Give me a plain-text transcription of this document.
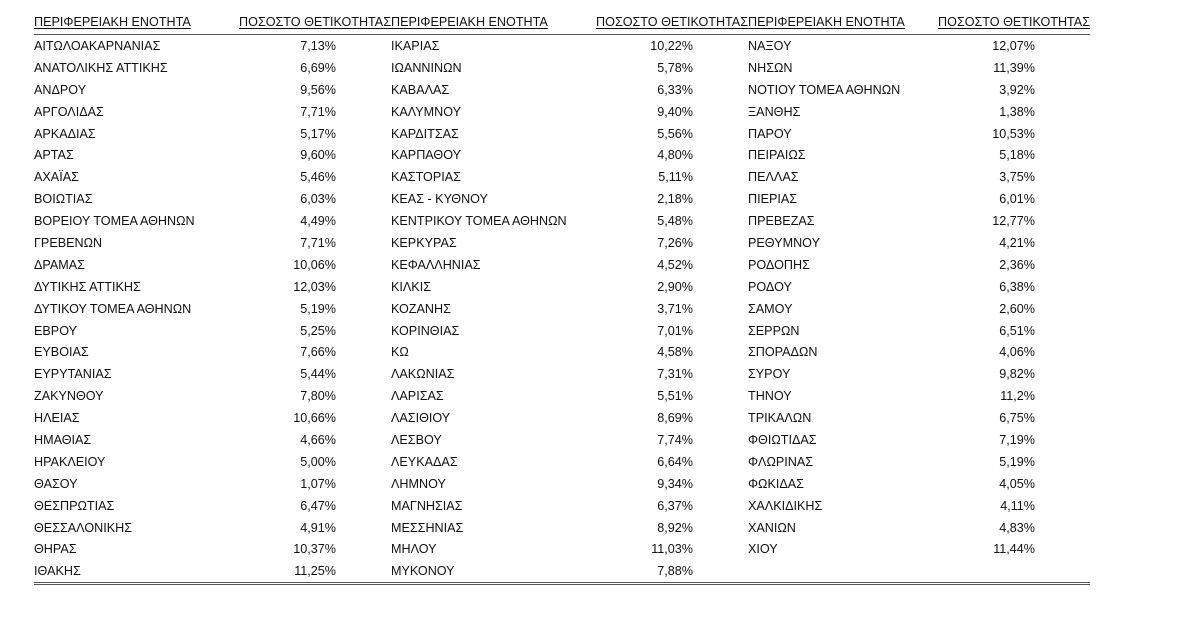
ΠΕΡΙΦΕΡΕΙΑΚΗ ΕΝΟΤΗΤΑ	ΠΟΣΟΣΤΟ ΘΕΤΙΚΟΤΗΤΑΣ	ΠΕΡΙΦΕΡΕΙΑΚΗ ΕΝΟΤΗΤΑ	ΠΟΣΟΣΤΟ ΘΕΤΙΚΟΤΗΤΑΣ	ΠΕΡΙΦΕΡΕΙΑΚΗ ΕΝΟΤΗΤΑ	ΠΟΣΟΣΤΟ ΘΕΤΙΚΟΤΗΤΑΣ
ΑΙΤΩΛΟΑΚΑΡΝΑΝΙΑΣ	7,13%	ΙΚΑΡΙΑΣ	10,22%	ΝΑΞΟΥ	12,07%
ΑΝΑΤΟΛΙΚΗΣ ΑΤΤΙΚΗΣ	6,69%	ΙΩΑΝΝΙΝΩΝ	5,78%	ΝΗΣΩΝ	11,39%
ΑΝΔΡΟΥ	9,56%	ΚΑΒΑΛΑΣ	6,33%	ΝΟΤΙΟΥ ΤΟΜΕΑ ΑΘΗΝΩΝ	3,92%
ΑΡΓΟΛΙΔΑΣ	7,71%	ΚΑΛΥΜΝΟΥ	9,40%	ΞΑΝΘΗΣ	1,38%
ΑΡΚΑΔΙΑΣ	5,17%	ΚΑΡΔΙΤΣΑΣ	5,56%	ΠΑΡΟΥ	10,53%
ΑΡΤΑΣ	9,60%	ΚΑΡΠΑΘΟΥ	4,80%	ΠΕΙΡΑΙΩΣ	5,18%
ΑΧΑΪΑΣ	5,46%	ΚΑΣΤΟΡΙΑΣ	5,11%	ΠΕΛΛΑΣ	3,75%
ΒΟΙΩΤΙΑΣ	6,03%	ΚΕΑΣ - ΚΥΘΝΟΥ	2,18%	ΠΙΕΡΙΑΣ	6,01%
ΒΟΡΕΙΟΥ ΤΟΜΕΑ ΑΘΗΝΩΝ	4,49%	ΚΕΝΤΡΙΚΟΥ ΤΟΜΕΑ ΑΘΗΝΩΝ	5,48%	ΠΡΕΒΕΖΑΣ	12,77%
ΓΡΕΒΕΝΩΝ	7,71%	ΚΕΡΚΥΡΑΣ	7,26%	ΡΕΘΥΜΝΟΥ	4,21%
ΔΡΑΜΑΣ	10,06%	ΚΕΦΑΛΛΗΝΙΑΣ	4,52%	ΡΟΔΟΠΗΣ	2,36%
ΔΥΤΙΚΗΣ ΑΤΤΙΚΗΣ	12,03%	ΚΙΛΚΙΣ	2,90%	ΡΟΔΟΥ	6,38%
ΔΥΤΙΚΟΥ ΤΟΜΕΑ ΑΘΗΝΩΝ	5,19%	ΚΟΖΑΝΗΣ	3,71%	ΣΑΜΟΥ	2,60%
ΕΒΡΟΥ	5,25%	ΚΟΡΙΝΘΙΑΣ	7,01%	ΣΕΡΡΩΝ	6,51%
ΕΥΒΟΙΑΣ	7,66%	ΚΩ	4,58%	ΣΠΟΡΑΔΩΝ	4,06%
ΕΥΡΥΤΑΝΙΑΣ	5,44%	ΛΑΚΩΝΙΑΣ	7,31%	ΣΥΡΟΥ	9,82%
ΖΑΚΥΝΘΟΥ	7,80%	ΛΑΡΙΣΑΣ	5,51%	ΤΗΝΟΥ	11,2%
ΗΛΕΙΑΣ	10,66%	ΛΑΣΙΘΙΟΥ	8,69%	ΤΡΙΚΑΛΩΝ	6,75%
ΗΜΑΘΙΑΣ	4,66%	ΛΕΣΒΟΥ	7,74%	ΦΘΙΩΤΙΔΑΣ	7,19%
ΗΡΑΚΛΕΙΟΥ	5,00%	ΛΕΥΚΑΔΑΣ	6,64%	ΦΛΩΡΙΝΑΣ	5,19%
ΘΑΣΟΥ	1,07%	ΛΗΜΝΟΥ	9,34%	ΦΩΚΙΔΑΣ	4,05%
ΘΕΣΠΡΩΤΙΑΣ	6,47%	ΜΑΓΝΗΣΙΑΣ	6,37%	ΧΑΛΚΙΔΙΚΗΣ	4,11%
ΘΕΣΣΑΛΟΝΙΚΗΣ	4,91%	ΜΕΣΣΗΝΙΑΣ	8,92%	ΧΑΝΙΩΝ	4,83%
ΘΗΡΑΣ	10,37%	ΜΗΛΟΥ	11,03%	ΧΙΟΥ	11,44%
ΙΘΑΚΗΣ	11,25%	ΜΥΚΟΝΟΥ	7,88%		
